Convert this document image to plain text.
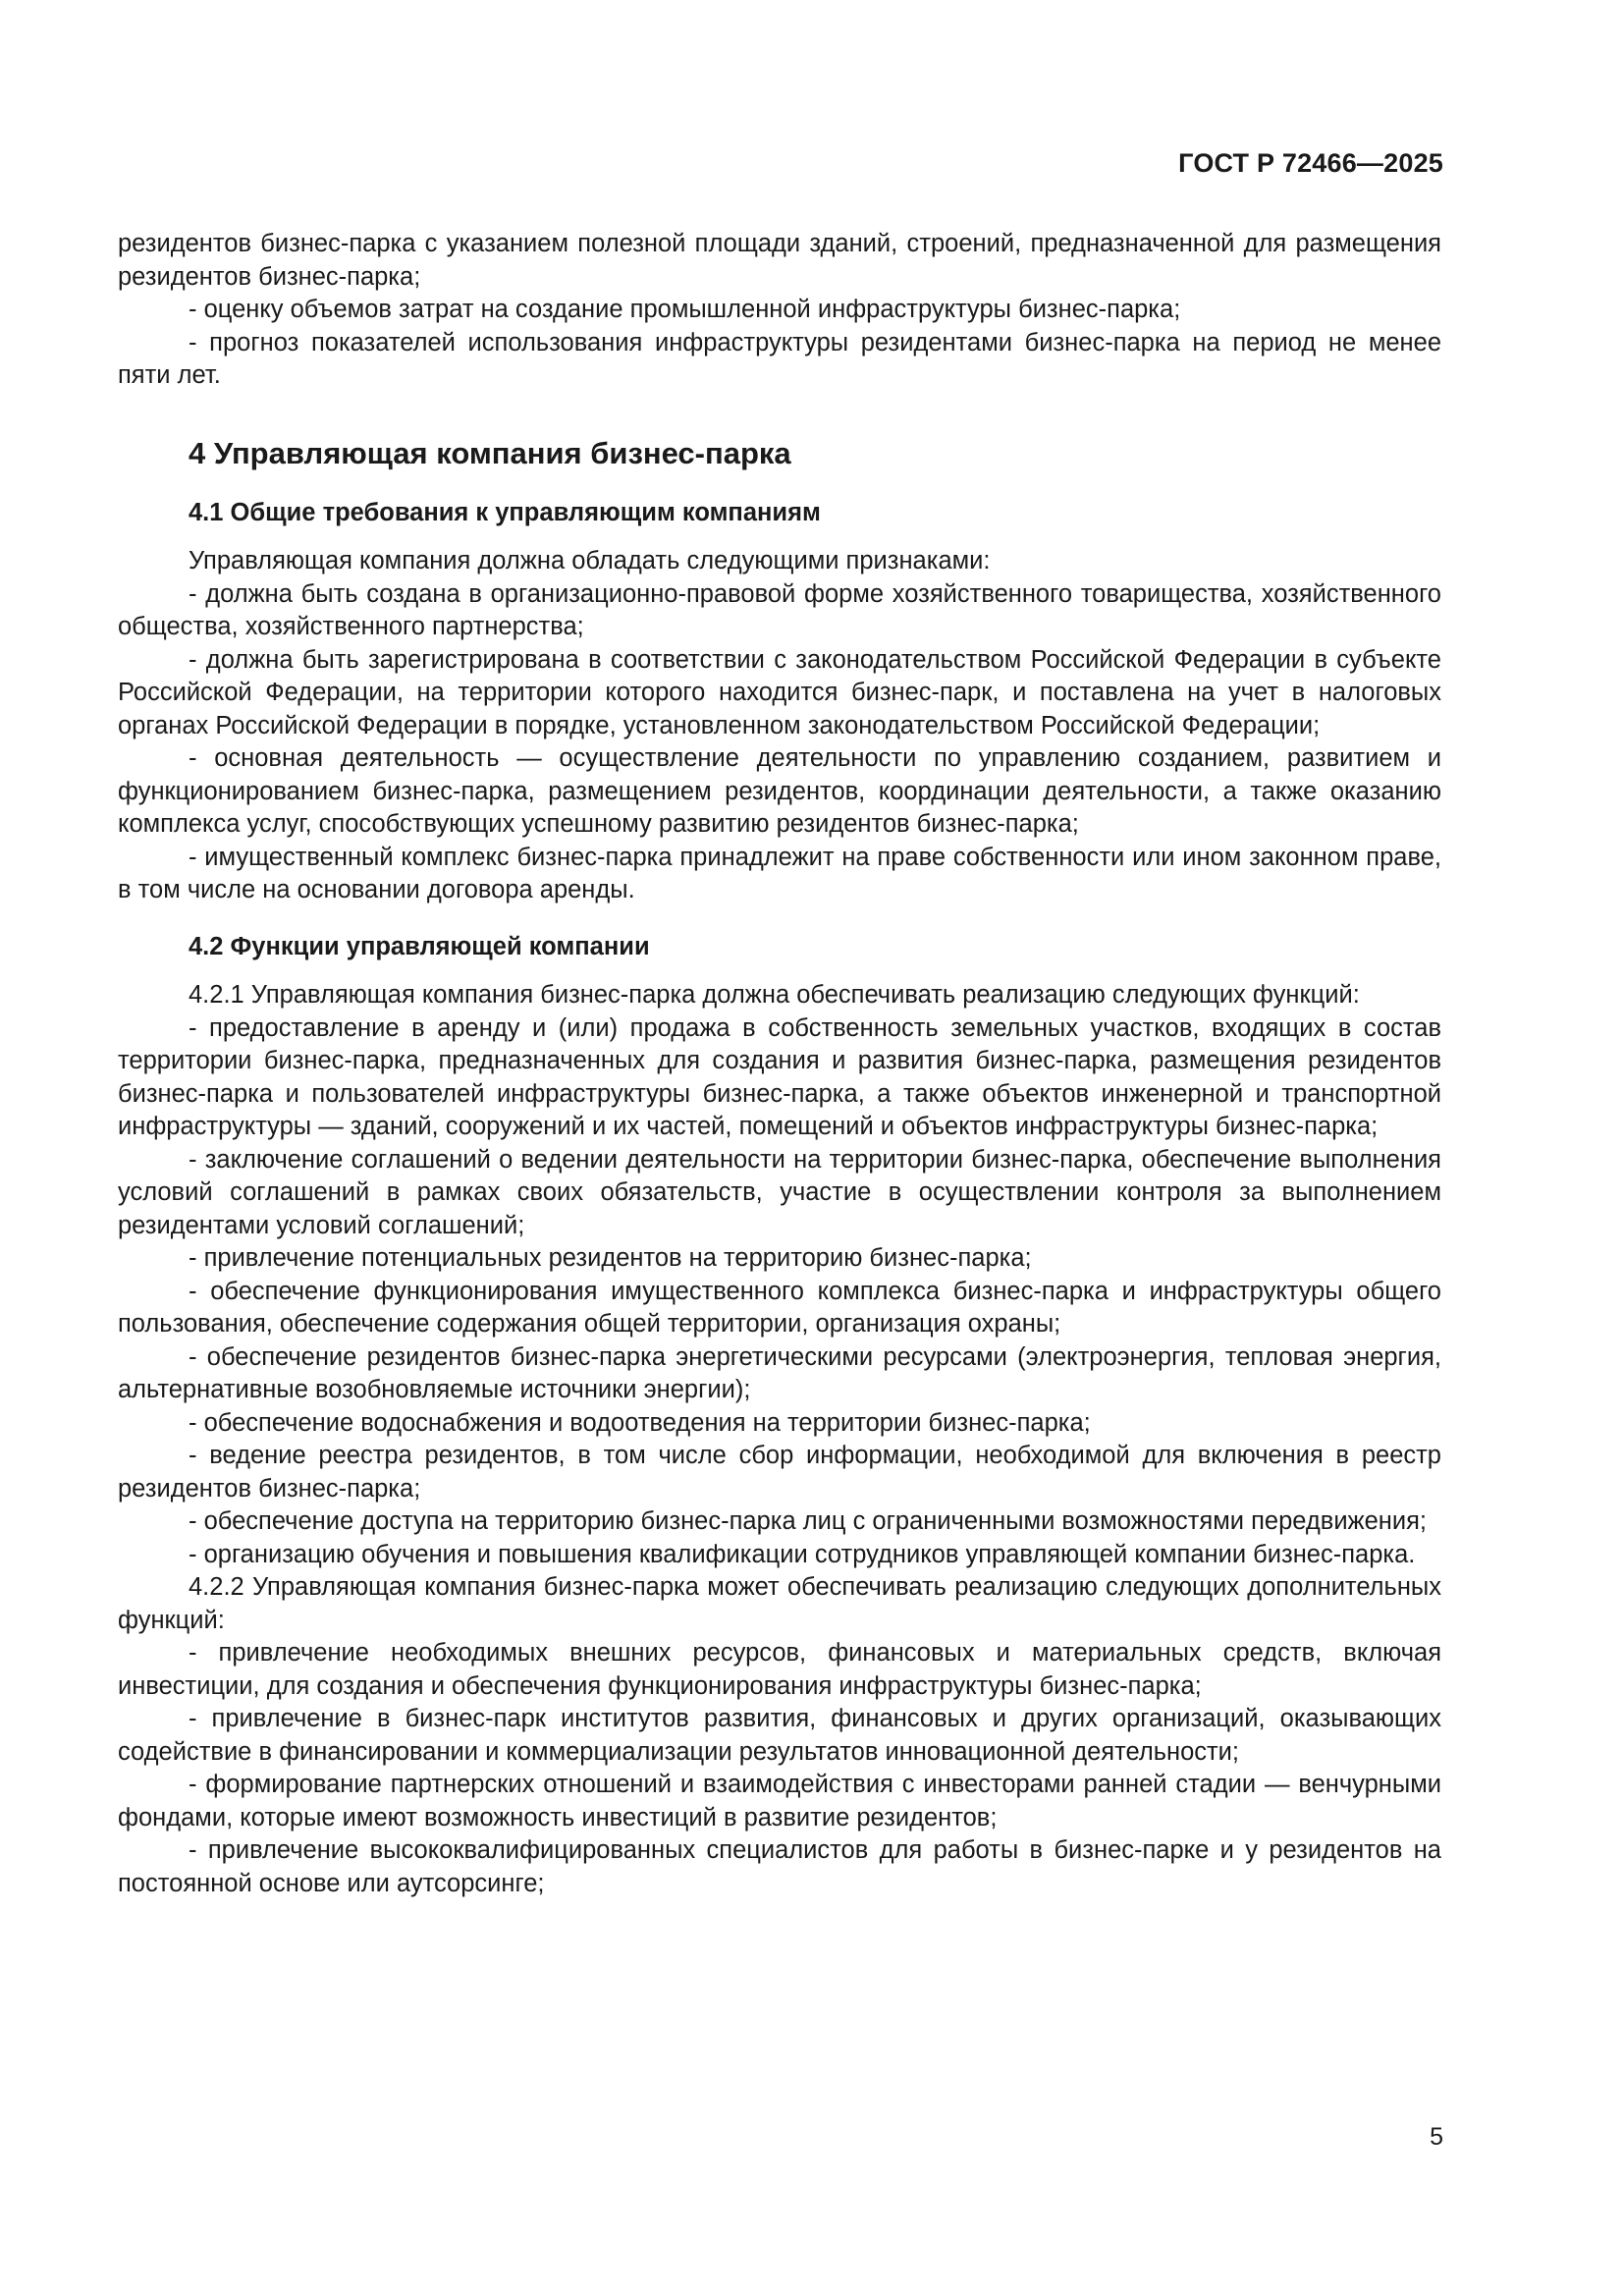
ГОСТ Р 72466—2025

резидентов бизнес-парка с указанием полезной площади зданий, строений, предназначенной для размещения резидентов бизнес-парка;

- оценку объемов затрат на создание промышленной инфраструктуры бизнес-парка;

- прогноз показателей использования инфраструктуры резидентами бизнес-парка на период не менее пяти лет.

4 Управляющая компания бизнес-парка
4.1 Общие требования к управляющим компаниям

Управляющая компания должна обладать следующими признаками:

- должна быть создана в организационно-правовой форме хозяйственного товарищества, хозяйственного общества, хозяйственного партнерства;

- должна быть зарегистрирована в соответствии с законодательством Российской Федерации в субъекте Российской Федерации, на территории которого находится бизнес-парк, и поставлена на учет в налоговых органах Российской Федерации в порядке, установленном законодательством Российской Федерации;

- основная деятельность — осуществление деятельности по управлению созданием, развитием и функционированием бизнес-парка, размещением резидентов, координации деятельности, а также оказанию комплекса услуг, способствующих успешному развитию резидентов бизнес-парка;

- имущественный комплекс бизнес-парка принадлежит на праве собственности или ином законном праве, в том числе на основании договора аренды.

4.2 Функции управляющей компании

4.2.1 Управляющая компания бизнес-парка должна обеспечивать реализацию следующих функций:

- предоставление в аренду и (или) продажа в собственность земельных участков, входящих в состав территории бизнес-парка, предназначенных для создания и развития бизнес-парка, размещения резидентов бизнес-парка и пользователей инфраструктуры бизнес-парка, а также объектов инженерной и транспортной инфраструктуры — зданий, сооружений и их частей, помещений и объектов инфраструктуры бизнес-парка;

- заключение соглашений о ведении деятельности на территории бизнес-парка, обеспечение выполнения условий соглашений в рамках своих обязательств, участие в осуществлении контроля за выполнением резидентами условий соглашений;

- привлечение потенциальных резидентов на территорию бизнес-парка;

- обеспечение функционирования имущественного комплекса бизнес-парка и инфраструктуры общего пользования, обеспечение содержания общей территории, организация охраны;

- обеспечение резидентов бизнес-парка энергетическими ресурсами (электроэнергия, тепловая энергия, альтернативные возобновляемые источники энергии);

- обеспечение водоснабжения и водоотведения на территории бизнес-парка;

- ведение реестра резидентов, в том числе сбор информации, необходимой для включения в реестр резидентов бизнес-парка;

- обеспечение доступа на территорию бизнес-парка лиц с ограниченными возможностями передвижения;

- организацию обучения и повышения квалификации сотрудников управляющей компании бизнес-парка.

4.2.2 Управляющая компания бизнес-парка может обеспечивать реализацию следующих дополнительных функций:

- привлечение необходимых внешних ресурсов, финансовых и материальных средств, включая инвестиции, для создания и обеспечения функционирования инфраструктуры бизнес-парка;

- привлечение в бизнес-парк институтов развития, финансовых и других организаций, оказывающих содействие в финансировании и коммерциализации результатов инновационной деятельности;

- формирование партнерских отношений и взаимодействия с инвесторами ранней стадии — венчурными фондами, которые имеют возможность инвестиций в развитие резидентов;

- привлечение высококвалифицированных специалистов для работы в бизнес-парке и у резидентов на постоянной основе или аутсорсинге;

5
